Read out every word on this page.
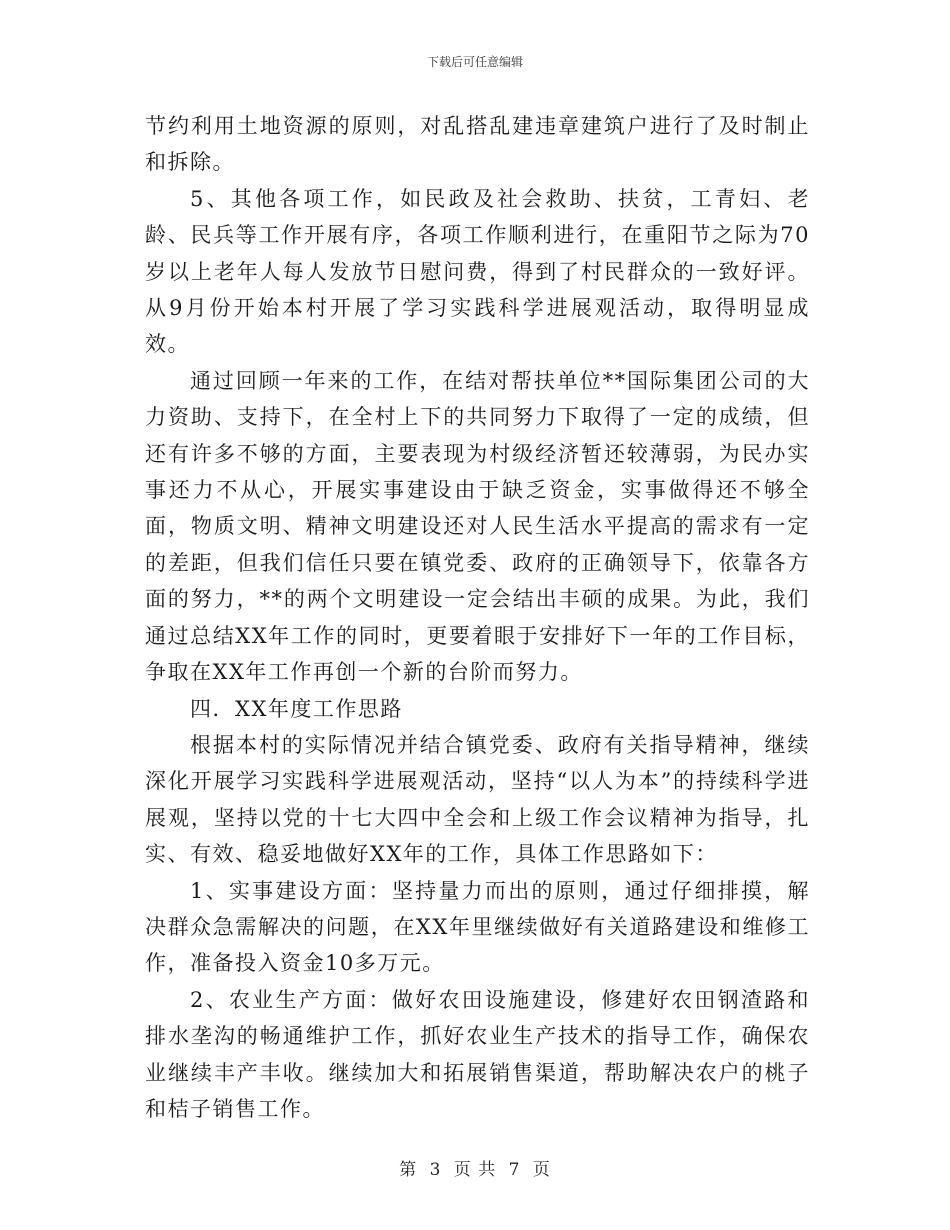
下载后可任意编辑

节约利用土地资源的原则，对乱搭乱建违章建筑户进行了及时制止和拆除。

5、其他各项工作，如民政及社会救助、扶贫，工青妇、老龄、民兵等工作开展有序，各项工作顺利进行，在重阳节之际为70岁以上老年人每人发放节日慰问费，得到了村民群众的一致好评。从9月份开始本村开展了学习实践科学进展观活动，取得明显成效。

通过回顾一年来的工作，在结对帮扶单位**国际集团公司的大力资助、支持下，在全村上下的共同努力下取得了一定的成绩，但还有许多不够的方面，主要表现为村级经济暂还较薄弱，为民办实事还力不从心，开展实事建设由于缺乏资金，实事做得还不够全面，物质文明、精神文明建设还对人民生活水平提高的需求有一定的差距，但我们信任只要在镇党委、政府的正确领导下，依靠各方面的努力，**的两个文明建设一定会结出丰硕的成果。为此，我们通过总结XX年工作的同时，更要着眼于安排好下一年的工作目标，争取在XX年工作再创一个新的台阶而努力。

四．XX年度工作思路

根据本村的实际情况并结合镇党委、政府有关指导精神，继续深化开展学习实践科学进展观活动，坚持“以人为本”的持续科学进展观，坚持以党的十七大四中全会和上级工作会议精神为指导，扎实、有效、稳妥地做好XX年的工作，具体工作思路如下：

1、实事建设方面：坚持量力而出的原则，通过仔细排摸，解决群众急需解决的问题，在XX年里继续做好有关道路建设和维修工作，准备投入资金10多万元。

2、农业生产方面：做好农田设施建设，修建好农田钢渣路和排水垄沟的畅通维护工作，抓好农业生产技术的指导工作，确保农业继续丰产丰收。继续加大和拓展销售渠道，帮助解决农户的桃子和桔子销售工作。

第 3 页 共 7 页
